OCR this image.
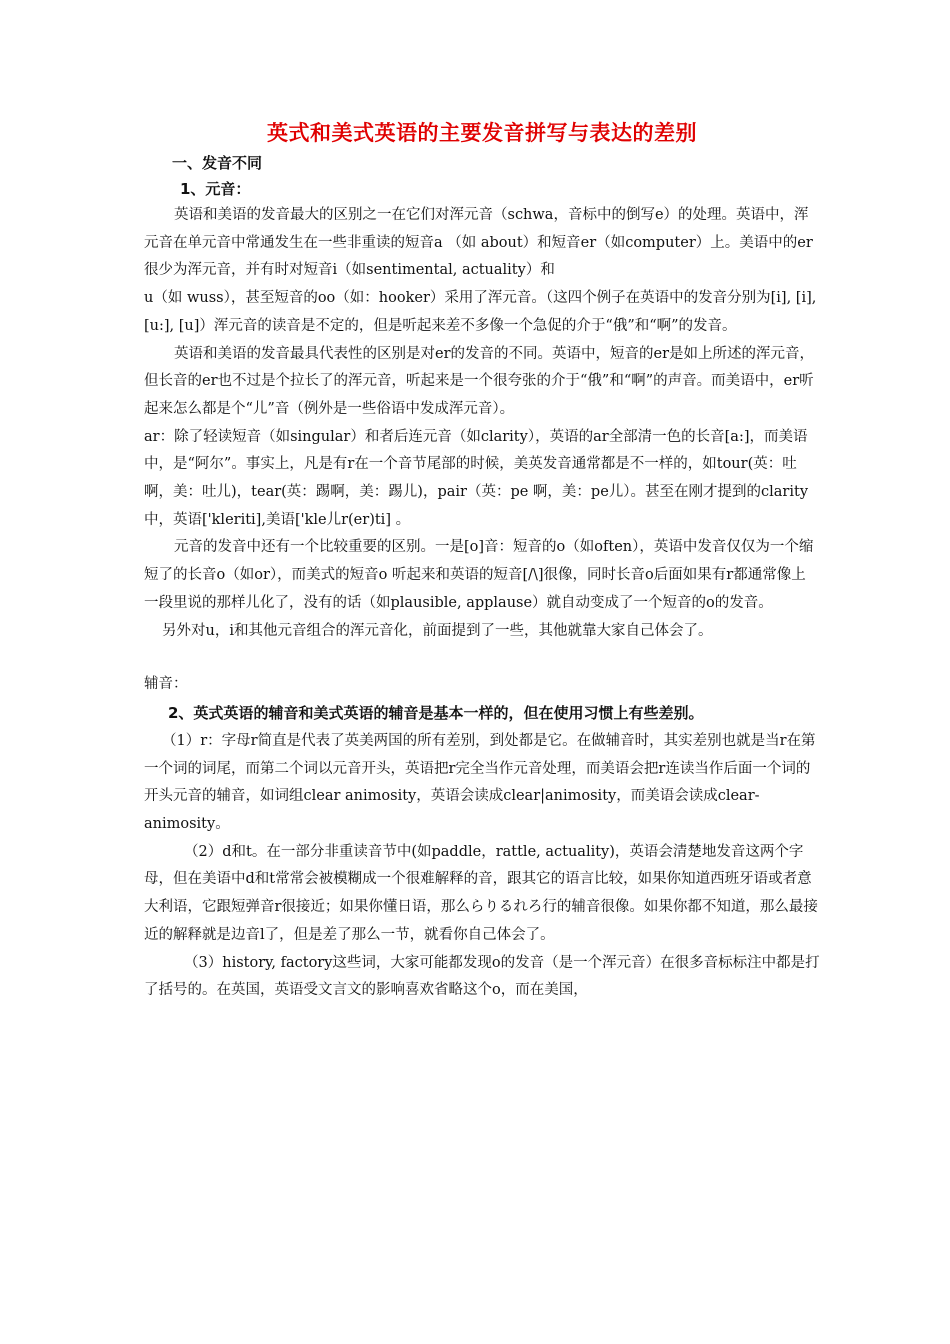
英式和美式英语的主要发音拼写与表达的差别
一、发音不同
1、元音：

英语和美语的发音最大的区别之一在它们对浑元音（schwa，音标中的倒写e）的处理。英语中，浑元音在单元音中常通发生在一些非重读的短音a （如 about）和短音er（如computer）上。美语中的er很少为浑元音，并有时对短音i（如sentimental, actuality）和

u（如 wuss），甚至短音的oo（如：hooker）采用了浑元音。（这四个例子在英语中的发音分别为[i], [i], [u:], [u]）浑元音的读音是不定的，但是听起来差不多像一个急促的介于“俄”和“啊”的发音。

英语和美语的发音最具代表性的区别是对er的发音的不同。英语中，短音的er是如上所述的浑元音，但长音的er也不过是个拉长了的浑元音，听起来是一个很夸张的介于“俄”和“啊”的声音。而美语中，er听起来怎么都是个“儿”音（例外是一些俗语中发成浑元音）。

ar：除了轻读短音（如singular）和者后连元音（如clarity），英语的ar全部清一色的长音[a:]，而美语中，是“阿尔”。事实上，凡是有r在一个音节尾部的时候，美英发音通常都是不一样的，如tour(英：吐啊，美：吐儿)，tear(英：踢啊，美：踢儿)，pair（英：pe 啊，美：pe儿）。甚至在刚才提到的clarity中，英语['kleriti],美语['kle儿r(er)ti] 。

元音的发音中还有一个比较重要的区别。一是[o]音：短音的o（如often），英语中发音仅仅为一个缩短了的长音o（如or），而美式的短音o 听起来和英语的短音[/\]很像，同时长音o后面如果有r都通常像上一段里说的那样儿化了，没有的话（如plausible, applause）就自动变成了一个短音的o的发音。

另外对u，i和其他元音组合的浑元音化，前面提到了一些，其他就靠大家自己体会了。

辅音：

2、英式英语的辅音和美式英语的辅音是基本一样的，但在使用习惯上有些差别。

（1）r：字母r简直是代表了英美两国的所有差别，到处都是它。在做辅音时，其实差别也就是当r在第一个词的词尾，而第二个词以元音开头，英语把r完全当作元音处理，而美语会把r连读当作后面一个词的开头元音的辅音，如词组clear animosity，英语会读成clear|animosity，而美语会读成clear-animosity。

（2）d和t。在一部分非重读音节中(如paddle，rattle, actuality)，英语会清楚地发音这两个字母，但在美语中d和t常常会被模糊成一个很难解释的音，跟其它的语言比较，如果你知道西班牙语或者意大利语，它跟短弹音r很接近；如果你懂日语，那么らりるれろ行的辅音很像。如果你都不知道，那么最接近的解释就是边音l了，但是差了那么一节，就看你自己体会了。

（3）history, factory这些词，大家可能都发现o的发音（是一个浑元音）在很多音标标注中都是打了括号的。在英国，英语受文言文的影响喜欢省略这个o，而在美国，
